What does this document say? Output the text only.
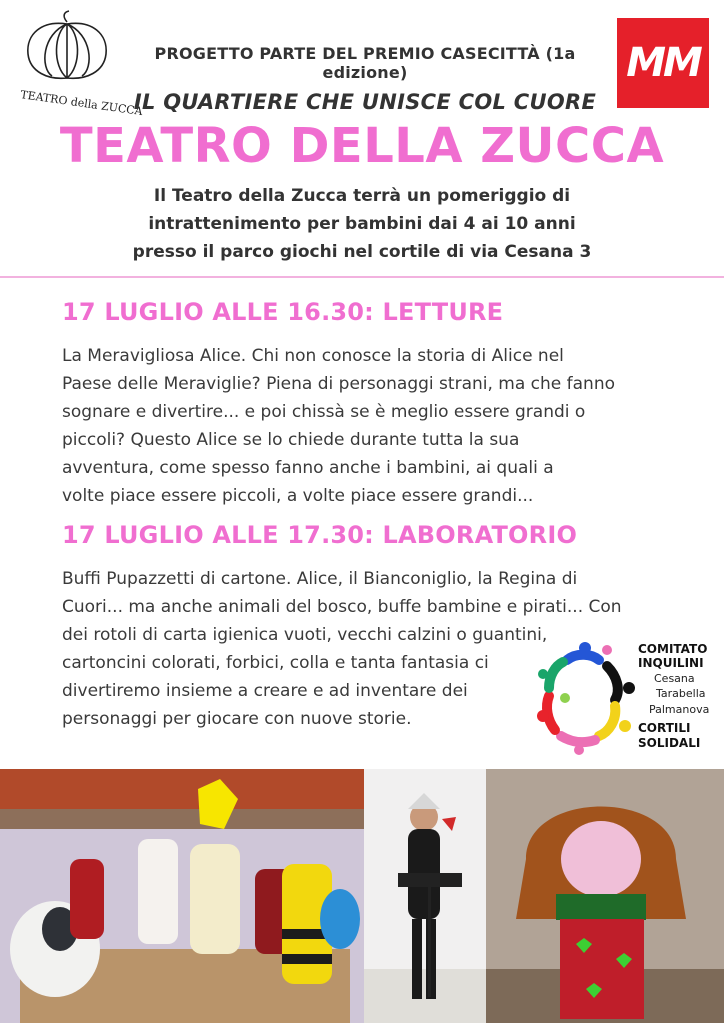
TEATRO della ZUCCA
PROGETTO PARTE DEL PREMIO CASECITTÀ (1a edizione)
IL QUARTIERE CHE UNISCE COL CUORE
MM
TEATRO DELLA ZUCCA
Il Teatro della Zucca terrà un pomeriggio di
intrattenimento per bambini dai 4 ai 10 anni
presso il parco giochi nel cortile di via Cesana 3
17 LUGLIO ALLE 16.30: LETTURE
La Meravigliosa Alice. Chi non conosce la storia di Alice nel
Paese delle Meraviglie? Piena di personaggi strani, ma che fanno
sognare e divertire... e poi chissà se è meglio essere grandi o
piccoli? Questo Alice se lo chiede durante tutta la sua
avventura, come spesso fanno anche i bambini, ai quali a
volte piace essere piccoli, a volte piace essere grandi...
17 LUGLIO ALLE 17.30: LABORATORIO
Buffi Pupazzetti di cartone. Alice, il Bianconiglio, la Regina di
Cuori... ma anche animali del bosco, buffe bambine e pirati... Con
dei rotoli di carta igienica vuoti, vecchi calzini o guantini,
cartoncini colorati, forbici, colla e tanta fantasia ci
divertiremo insieme a creare e ad inventare dei
personaggi per giocare con nuove storie.
COMITATO
INQUILINI
Cesana
Tarabella
Palmanova
CORTILI
SOLIDALI
